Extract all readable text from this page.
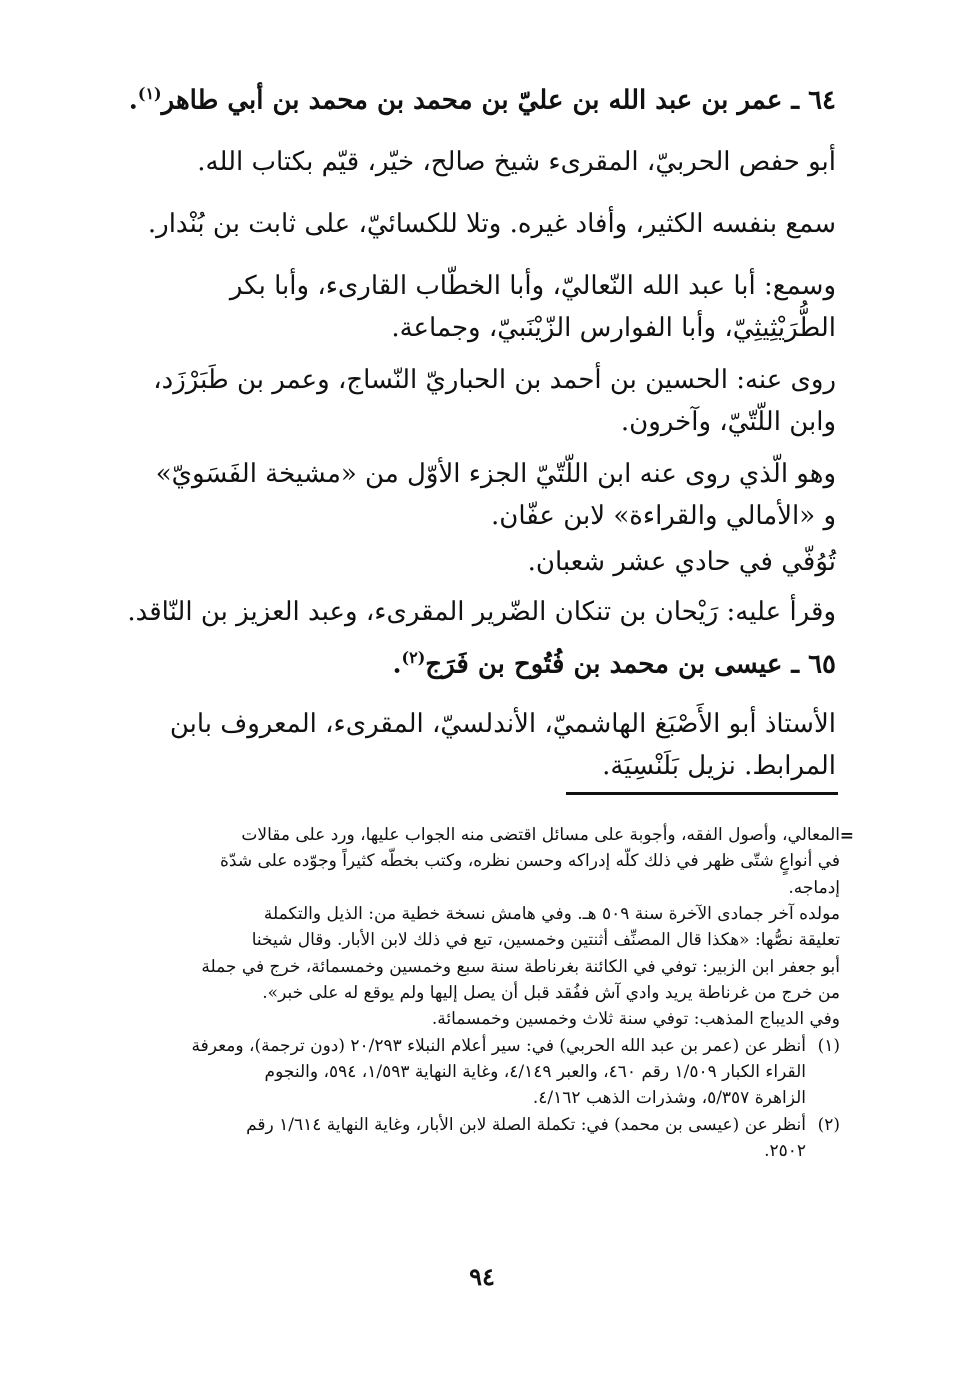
٦٤ ـ عمر بن عبد الله بن عليّ بن محمد بن محمد بن أبي طاهر$^{(١)}$.
أبو حفص الحربيّ، المقرىء شيخ صالح، خيّر، قيّم بكتاب الله.
سمع بنفسه الكثير، وأفاد غيره. وتلا للكسائيّ، على ثابت بن بُنْدار.
وسمع: أبا عبد الله النّعاليّ، وأبا الخطّاب القارىء، وأبا بكر
الطُّرَيْثِيثِيّ، وأبا الفوارس الزّيْنَبيّ، وجماعة.
روى عنه: الحسين بن أحمد بن الحباريّ النّساج، وعمر بن طَبَرْزَد،
وابن اللّتّيّ، وآخرون.
وهو الّذي روى عنه ابن اللّتّيّ الجزء الأوّل من «مشيخة الفَسَويّ»
و «الأمالي والقراءة» لابن عفّان.
تُوُفّي في حادي عشر شعبان.
وقرأ عليه: رَيْحان بن تنكان الضّرير المقرىء، وعبد العزيز بن النّاقد.
٦٥ ـ عيسى بن محمد بن فُتُوح بن فَرَج$^{(٢)}$.
الأستاذ أبو الأَصْبَغ الهاشميّ، الأندلسيّ، المقرىء، المعروف بابن
المرابط. نزيل بَلَنْسِيَة.
=
المعالي، وأصول الفقه، وأجوبة على مسائل اقتضى منه الجواب عليها، ورد على مقالات
في أنواعٍ شتّى ظهر في ذلك كلّه إدراكه وحسن نظره، وكتب بخطّه كثيراً وجوّده على شدّة
إدماجه.
مولده آخر جمادى الآخرة سنة ٥٠٩ هـ. وفي هامش نسخة خطية من: الذيل والتكملة
تعليقة نصُّها: «هكذا قال المصنِّف أثنتين وخمسين، تبع في ذلك لابن الأبار. وقال شيخنا
أبو جعفر ابن الزبير: توفي في الكائنة بغرناطة سنة سبع وخمسين وخمسمائة، خرج في جملة
من خرج من غرناطة يريد وادي آش ففُقد قبل أن يصل إليها ولم يوقع له على خبر».
وفي الديباج المذهب: توفي سنة ثلاث وخمسين وخمسمائة.
(١)أنظر عن (عمر بن عبد الله الحربي) في: سير أعلام النبلاء ٢٠/٢٩٣ (دون ترجمة)، ومعرفة
القراء الكبار ١/٥٠٩ رقم ٤٦٠، والعبر ٤/١٤٩، وغاية النهاية ١/٥٩٣، ٥٩٤، والنجوم
الزاهرة ٥/٣٥٧، وشذرات الذهب ٤/١٦٢.
(٢)أنظر عن (عيسى بن محمد) في: تكملة الصلة لابن الأبار، وغاية النهاية ١/٦١٤ رقم
٢٥٠٢.
٩٤
